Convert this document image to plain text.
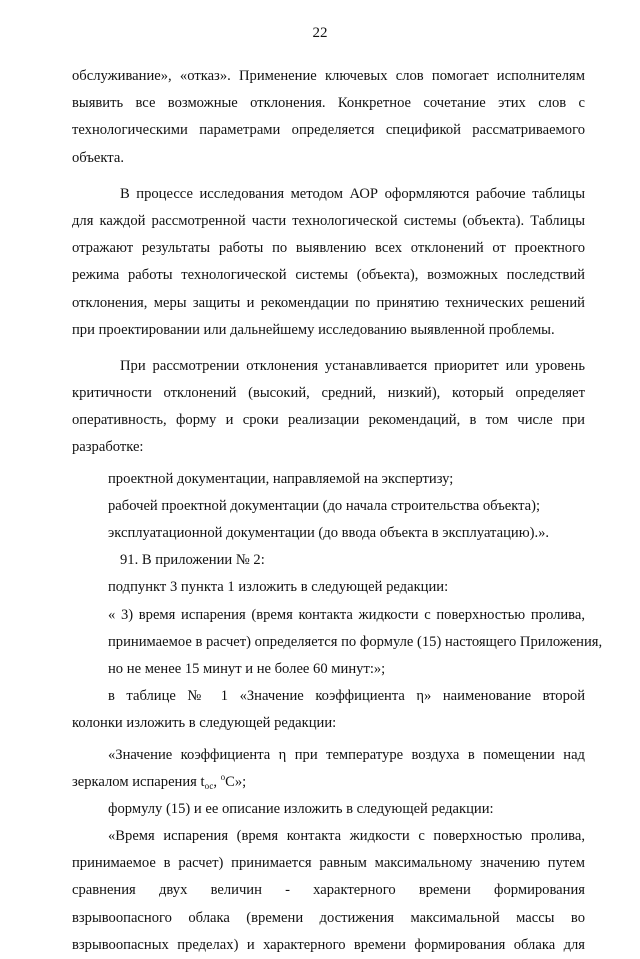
22
обслуживание», «отказ». Применение ключевых слов помогает исполнителям
выявить все возможные отклонения. Конкретное сочетание этих слов с
технологическими параметрами определяется спецификой рассматриваемого
объекта.
В процессе исследования методом АОР оформляются рабочие таблицы
для каждой рассмотренной части технологической системы (объекта). Таблицы
отражают результаты работы по выявлению всех отклонений от проектного
режима работы технологической системы (объекта), возможных последствий
отклонения, меры защиты и рекомендации по принятию технических решений
при проектировании или дальнейшему исследованию выявленной проблемы.
При рассмотрении отклонения устанавливается приоритет или уровень
критичности отклонений (высокий, средний, низкий), который определяет
оперативность, форму и сроки реализации рекомендаций, в том числе при
разработке:
проектной документации, направляемой на экспертизу;
рабочей проектной документации (до начала строительства объекта);
эксплуатационной документации (до ввода объекта в эксплуатацию).».
91. В приложении № 2:
подпункт 3 пункта 1 изложить в следующей редакции:
« 3) время испарения (время контакта жидкости с поверхностью пролива,
принимаемое в расчет) определяется по формуле (15) настоящего Приложения,
но не менее 15 минут и не более 60 минут:»;
в таблице № 1 «Значение коэффициента η» наименование второй
колонки изложить в следующей редакции:
«Значение коэффициента η при температуре воздуха в помещении над
зеркалом испарения $t_{ос}$, $^о$С»;
формулу (15) и ее описание изложить в следующей редакции:
«Время испарения (время контакта жидкости с поверхностью пролива,
принимаемое в расчет) принимается равным максимальному значению путем
сравнения двух величин - характерного времени формирования
взрывоопасного облака (времени достижения максимальной массы во
взрывоопасных пределах) и характерного времени формирования облака для
